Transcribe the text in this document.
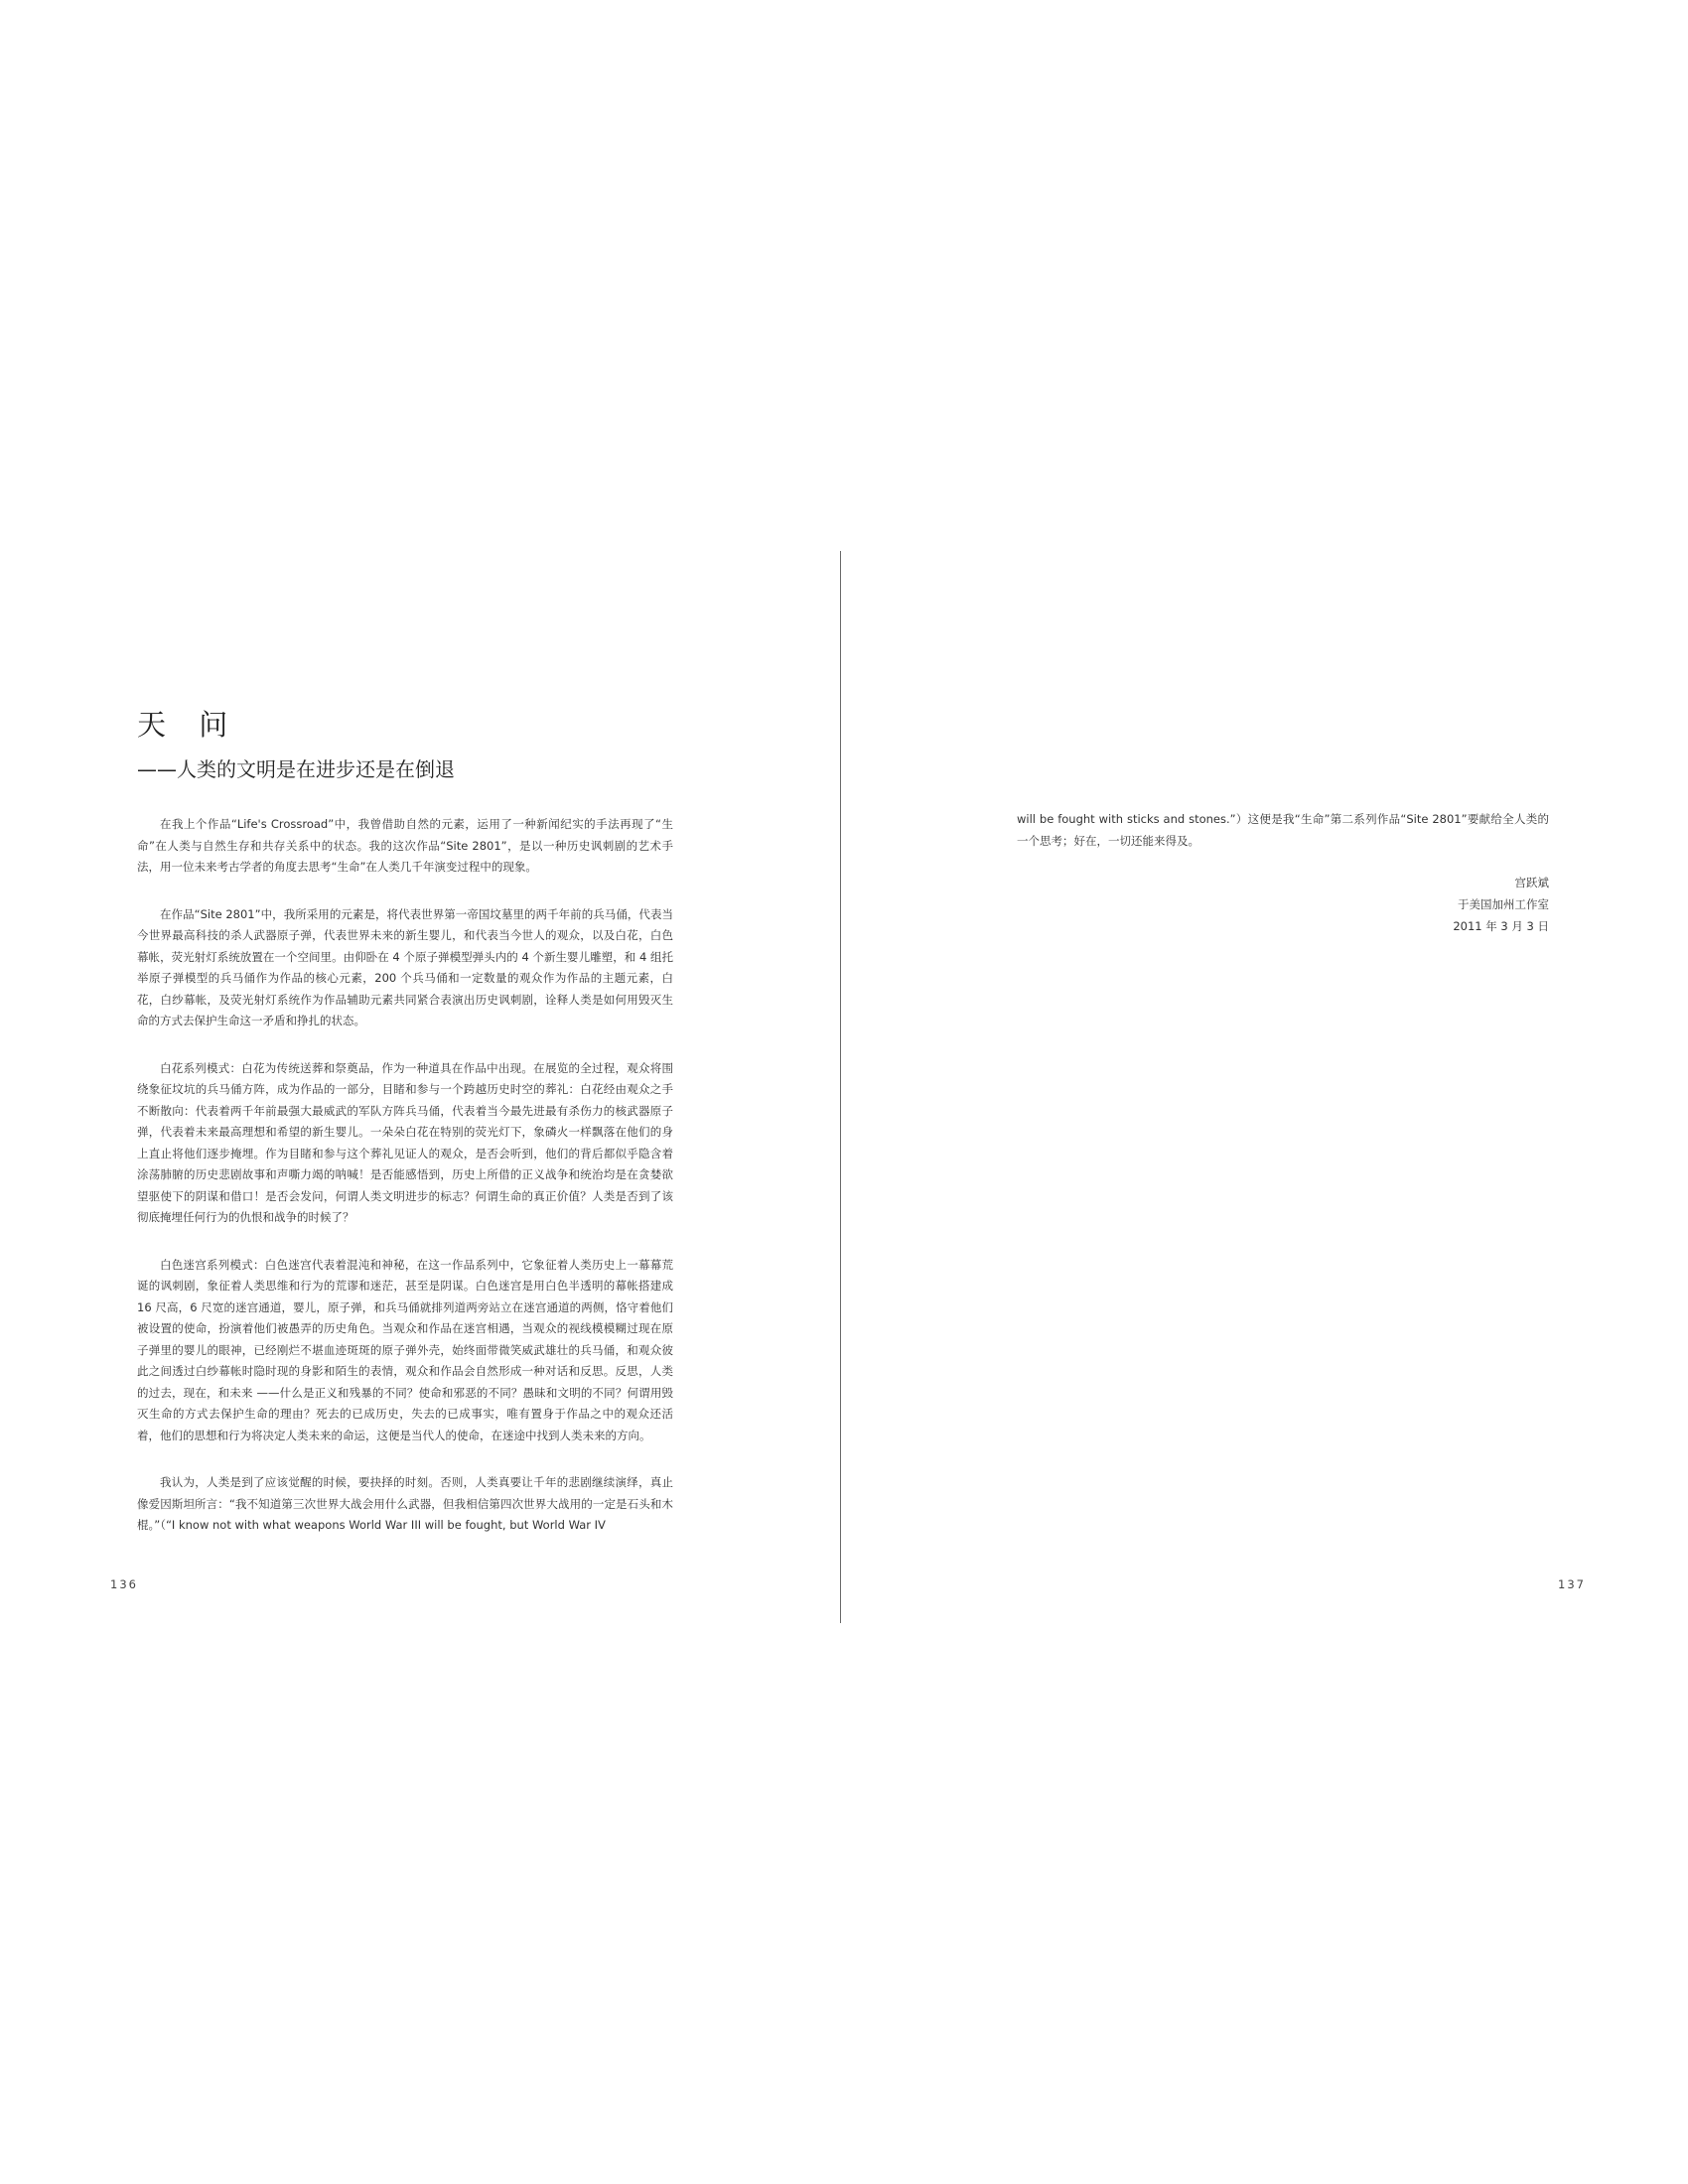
天 问
——人类的文明是在进步还是在倒退

在我上个作品“Life's Crossroad”中，我曾借助自然的元素，运用了一种新闻纪实的手法再现了“生命”在人类与自然生存和共存关系中的状态。我的这次作品“Site 2801”，是以一种历史讽刺剧的艺术手法，用一位未来考古学者的角度去思考“生命”在人类几千年演变过程中的现象。

在作品“Site 2801”中，我所采用的元素是，将代表世界第一帝国坟墓里的两千年前的兵马俑，代表当今世界最高科技的杀人武器原子弹，代表世界未来的新生婴儿，和代表当今世人的观众，以及白花，白色幕帐，荧光射灯系统放置在一个空间里。由仰卧在 4 个原子弹模型弹头内的 4 个新生婴儿雕塑，和 4 组托举原子弹模型的兵马俑作为作品的核心元素，200 个兵马俑和一定数量的观众作为作品的主题元素，白花，白纱幕帐，及荧光射灯系统作为作品辅助元素共同紧合表演出历史讽刺剧，诠释人类是如何用毁灭生命的方式去保护生命这一矛盾和挣扎的状态。

白花系列模式：白花为传统送葬和祭奠品，作为一种道具在作品中出现。在展览的全过程，观众将围绕象征坟坑的兵马俑方阵，成为作品的一部分，目睹和参与一个跨越历史时空的葬礼：白花经由观众之手不断散向：代表着两千年前最强大最威武的军队方阵兵马俑，代表着当今最先进最有杀伤力的核武器原子弹，代表着未来最高理想和希望的新生婴儿。一朵朵白花在特别的荧光灯下，象磷火一样飘落在他们的身上直止将他们逐步掩埋。作为目睹和参与这个葬礼见证人的观众，是否会听到，他们的背后都似乎隐含着涂荡肺腑的历史悲剧故事和声嘶力竭的呐喊！是否能感悟到，历史上所借的正义战争和统治均是在贪婪欲望驱使下的阴谋和借口！是否会发问，何谓人类文明进步的标志？何谓生命的真正价值？人类是否到了该彻底掩埋任何行为的仇恨和战争的时候了？

白色迷宫系列模式：白色迷宫代表着混沌和神秘，在这一作品系列中，它象征着人类历史上一幕幕荒诞的讽刺剧，象征着人类思维和行为的荒谬和迷茫，甚至是阴谋。白色迷宫是用白色半透明的幕帐搭建成 16 尺高，6 尺宽的迷宫通道，婴儿，原子弹，和兵马俑就排列道两旁站立在迷宫通道的两侧，恪守着他们被设置的使命，扮演着他们被愚弄的历史角色。当观众和作品在迷宫相遇，当观众的视线模模糊过现在原子弹里的婴儿的眼神，已经刚烂不堪血迹斑斑的原子弹外壳，始终面带微笑威武雄壮的兵马俑，和观众彼此之间透过白纱幕帐时隐时现的身影和陌生的表情，观众和作品会自然形成一种对话和反思。反思，人类的过去，现在，和未来 ——什么是正义和残暴的不同？使命和邪恶的不同？愚昧和文明的不同？何谓用毁灭生命的方式去保护生命的理由？死去的已成历史，失去的已成事实，唯有置身于作品之中的观众还活着，他们的思想和行为将决定人类未来的命运，这便是当代人的使命，在迷途中找到人类未来的方向。

我认为，人类是到了应该觉醒的时候，要抉择的时刻。否则，人类真要让千年的悲剧继续演绎，真止像爱因斯坦所言：“我不知道第三次世界大战会用什么武器，但我相信第四次世界大战用的一定是石头和木棍。”（“I know not with what weapons World War III will be fought, but World War IV

136

will be fought with sticks and stones.”）这便是我“生命”第二系列作品“Site 2801”要献给全人类的一个思考；好在，一切还能来得及。

宫跃斌
于美国加州工作室
2011 年 3 月 3 日
137
